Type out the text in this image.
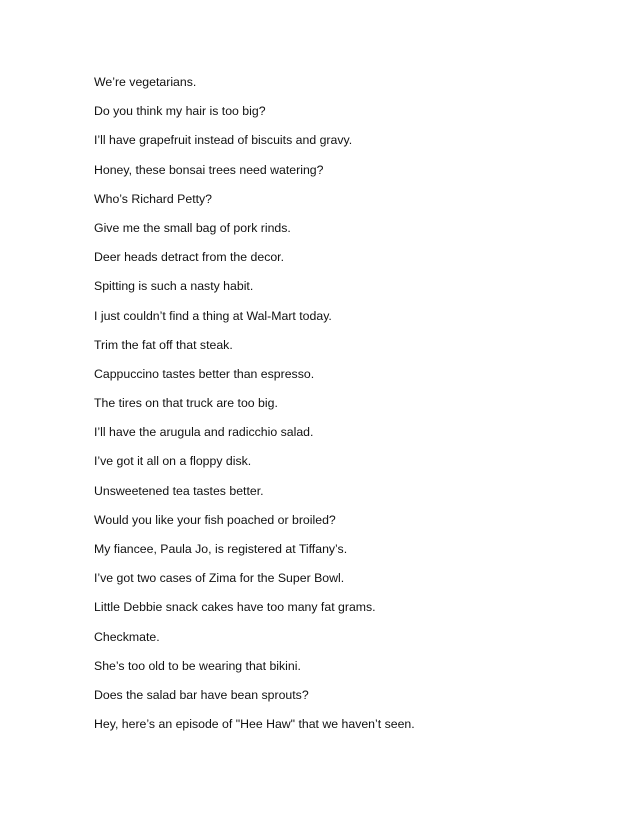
We’re vegetarians.
Do you think my hair is too big?
I’ll have grapefruit instead of biscuits and gravy.
Honey, these bonsai trees need watering?
Who’s Richard Petty?
Give me the small bag of pork rinds.
Deer heads detract from the decor.
Spitting is such a nasty habit.
I just couldn’t find a thing at Wal-Mart today.
Trim the fat off that steak.
Cappuccino tastes better than espresso.
The tires on that truck are too big.
I’ll have the arugula and radicchio salad.
I’ve got it all on a floppy disk.
Unsweetened tea tastes better.
Would you like your fish poached or broiled?
My fiancee, Paula Jo, is registered at Tiffany’s.
I’ve got two cases of Zima for the Super Bowl.
Little Debbie snack cakes have too many fat grams.
Checkmate.
She’s too old to be wearing that bikini.
Does the salad bar have bean sprouts?
Hey, here’s an episode of "Hee Haw" that we haven’t seen.
